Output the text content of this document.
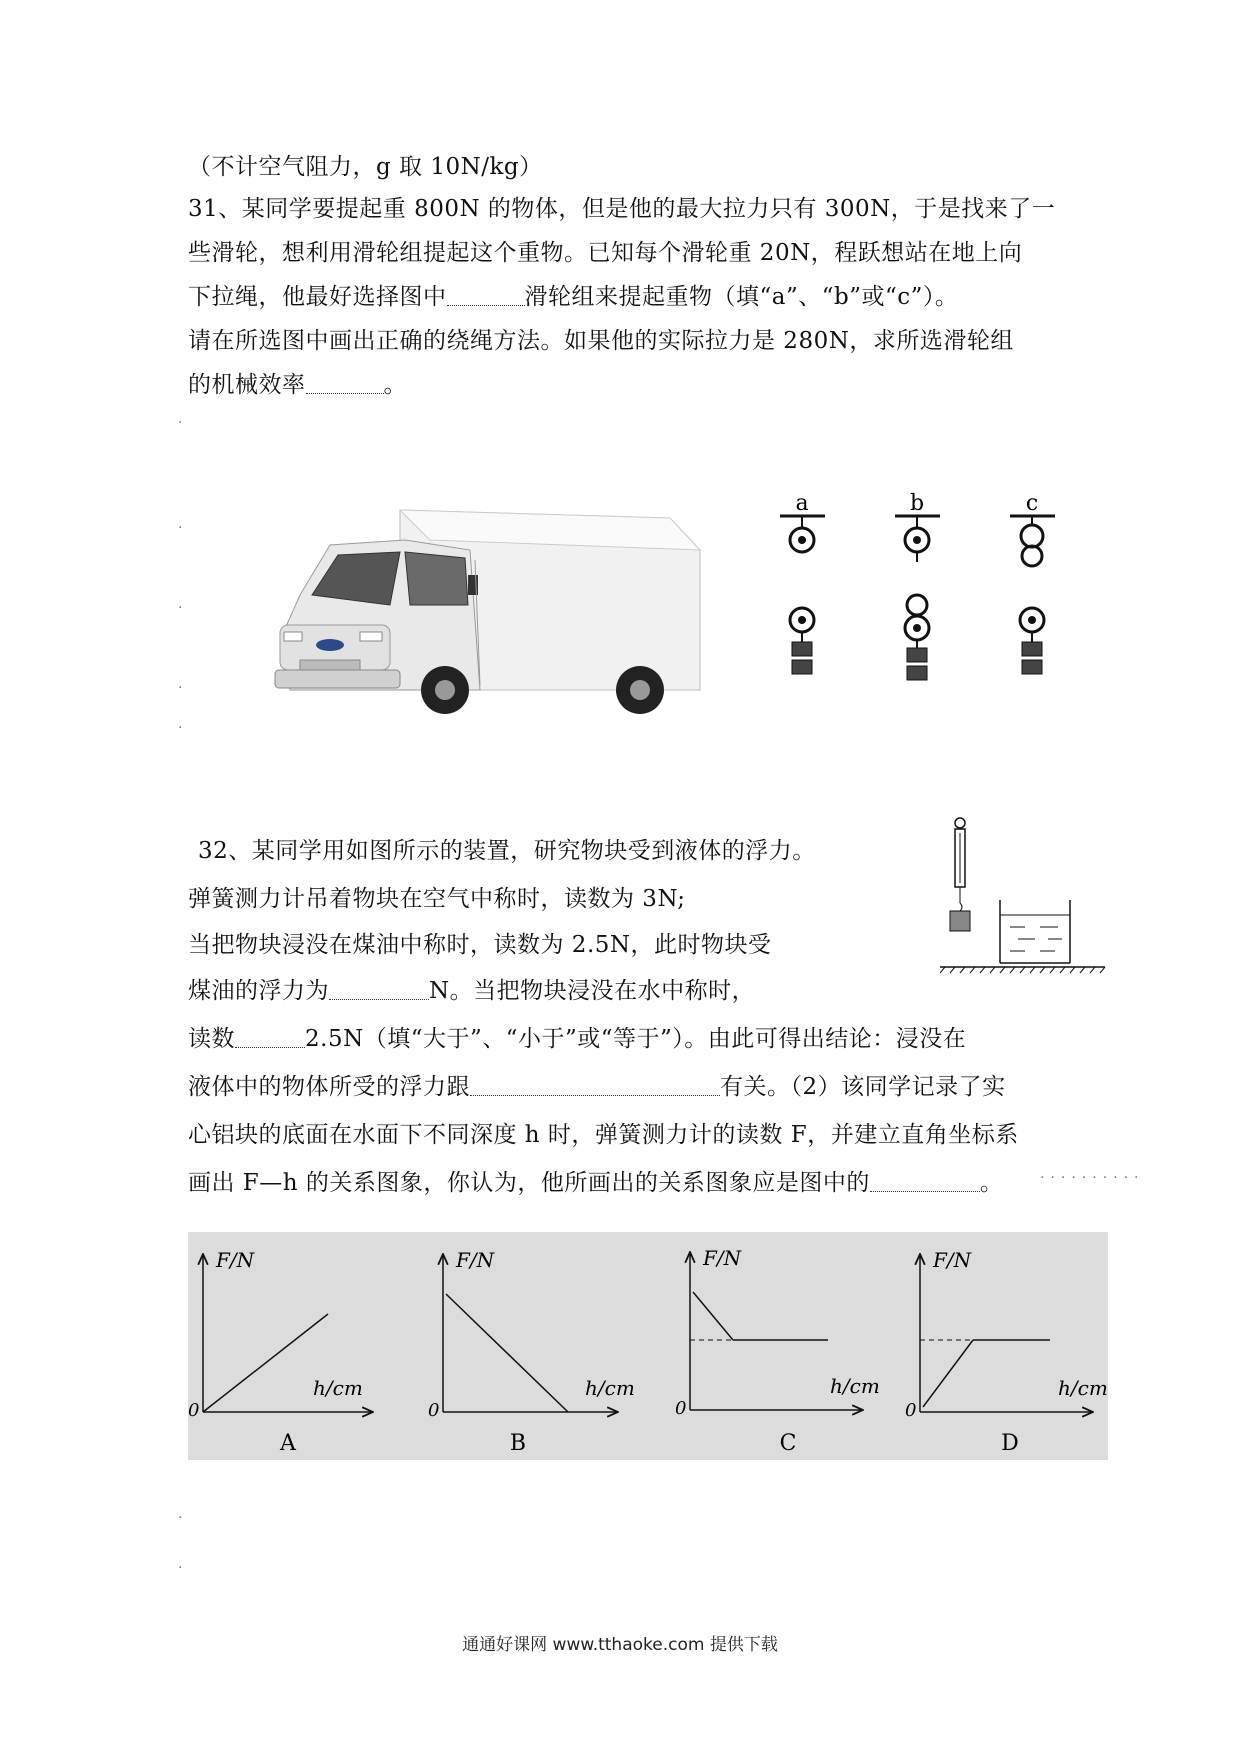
（不计空气阻力，g 取 10N/kg）
31、某同学要提起重 800N 的物体，但是他的最大拉力只有 300N，于是找来了一
些滑轮，想利用滑轮组提起这个重物。已知每个滑轮重 20N，程跃想站在地上向
下拉绳，他最好选择图中	滑轮组来提起重物（填“a”、“b”或“c”）。
请在所选图中画出正确的绕绳方法。如果他的实际拉力是 280N，求所选滑轮组
的机械效率	。
·
·
·
·
·
a	b	c
32、某同学用如图所示的装置，研究物块受到液体的浮力。
弹簧测力计吊着物块在空气中称时，读数为 3N;
当把物块浸没在煤油中称时，读数为 2.5N，此时物块受
煤油的浮力为	N。当把物块浸没在水中称时，
读数	2.5N（填“大于”、“小于”或“等于”）。由此可得出结论：浸没在
液体中的物体所受的浮力跟	有关。（2）该同学记录了实
心铝块的底面在水面下不同深度 h 时，弹簧测力计的读数 F，并建立直角坐标系
画出 F—h 的关系图象，你认为，他所画出的关系图象应是图中的	。	··········
F/N
h/cm
0
A
F/N
h/cm
0
B
F/N
h/cm
0
C
F/N
h/cm
0
D
·
·
通通好课网 www.tthaoke.com 提供下载
